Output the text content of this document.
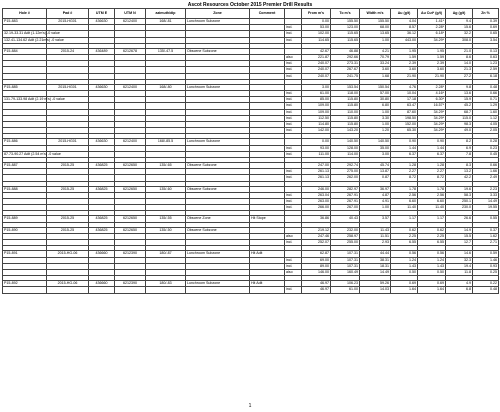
Ascot Resources October 2015 Premier Drill Results
Hole #	Pad #	UTM E	UTM N	azimuth/dip	Zone	Comment		From m's	To m's	Width m's	Au (g/t)	Au Cut* (g/t)	Ag (g/t)	Zn %
P15-883	2015-HG01	436630	6212400	168/-81	Lunchroom Subzone			0.00	155.50	155.50	4.04	1.41*	9.4	0.39
							incl.	53.00	123.00	68.00	8.57	2.28*	15.6	0.69
32.19-33.31 Adit (1.12m's) -0 value							incl.	102.00	115.65	13.65	36.12	6.18*	32.2	0.65
132.41-134.62 Adit (2.21m's) -0 value							incl.	114.65	115.65	1.00	443.00	34.29*	308.0	3.54

P15-884	2015-24	436489	6212678	135/-47.5	Obscene Subzone			42.67	46.88	4.21	1.95	1.95	21.0	0.13
							also	221.87	292.66	70.79	1.59	1.59	8.6	0.63
							incl.	240.07	273.31	33.24	2.39	2.39	14.0	1.23
							incl.	240.07	267.67	3.60	3.60	3.60	21.3	2.59
							incl.	240.07	241.75	1.68	21.90	21.90	27.2	6.18

P15-885	2015-HG01	436630	6212400	168/-80	Lunchroom Subzone			3.00	153.54	150.54	4.76	2.28*	9.8	0.48
							incl.	61.00	118.00	57.00	10.04	4.16*	13.6	0.66
131.79-133.98 Adit (2.19 m's) -0 value							incl.	85.00	115.80	30.80	17.18	6.30*	15.9	0.71
							incl.	109.00	115.80	6.80	63.47	16.57*	45.2	1.29
							incl.	109.00	110.00	1.00	87.60	34.29*	68.7	1.60
							incl.	112.50	115.80	3.30	198.50	34.29*	115.0	1.12
							incl.	114.80	115.80	1.00	152.00	34.29*	98.3	4.05
							incl.	142.00	143.20	1.20	65.30	34.29*	49.0	2.05

P15-886	2015-HG01	436630	6212400	168/-85.5	Lunchroom Subzone			0.00	140.50	140.50	0.90	0.90	8.2	0.28
							incl.	93.00	128.00	35.00	1.44	1.44	6.9	0.23
87.73-90.27 Adit (2.54 m's) -0 value							incl.	111.00	114.00	3.00	6.37	6.37	7.8	0.45

P15-887	2015-25	436825	6212650	135/-65	Obscene Subzone			247.00	292.74	45.74	1.28	1.28	8.3	0.66
							incl.	261.13	275.00	13.87	2.27	2.27	13.2	1.66
							incl.	261.13	262.00	0.87	8.72	8.72	42.2	2.49

P15-888	2015-25	436825	6212650	135/-60	Obscene Subzone			246.00	282.97	36.97	1.78	1.78	19.6	2.23
							incl.	263.04	267.91	4.87	2.56	2.56	58.3	3.33
							incl.	263.00	267.91	4.91	6.60	6.60	250.1	14.49
							incl.	266.00	267.00	1.00	11.40	11.40	230.0	19.55

P15-889	2015-25	436825	6212650	135/-55	Obscene Zone	Hit Stope		36.86	40.43	3.57	1.17	1.17	26.6	0.55

P15-890	2015-25	436825	6212650	135/-50	Obscene Subzone			219.12	232.00	11.43	0.62	0.62	14.9	0.37
							also	247.46	258.97	11.51	2.25	2.25	15.5	1.62
							incl.	252.07	255.00	2.93	6.55	6.55	12.7	2.71

P15-891	2015-HG-06	436660	6212390	180/-87	Lunchroom Subzone	Hit Adit		62.87	107.31	44.44	0.56	0.56	14.6	0.59
							incl.	69.00	107.31	38.31	1.24	1.24	32.3	1.46
							incl.	89.00	107.31	18.31	1.43	1.43	19.4	0.93
							also	146.00	160.49	14.49	0.50	0.50	11.8	0.25

P15-892	2015-HG-06	436660	6212390	180/-83	Lunchroom Subzone	Hit Adit		46.97	106.23	59.26	0.69	0.69	4.9	0.22
							incl.	46.97	61.00	14.03	1.64	1.64	6.8	0.48
1
